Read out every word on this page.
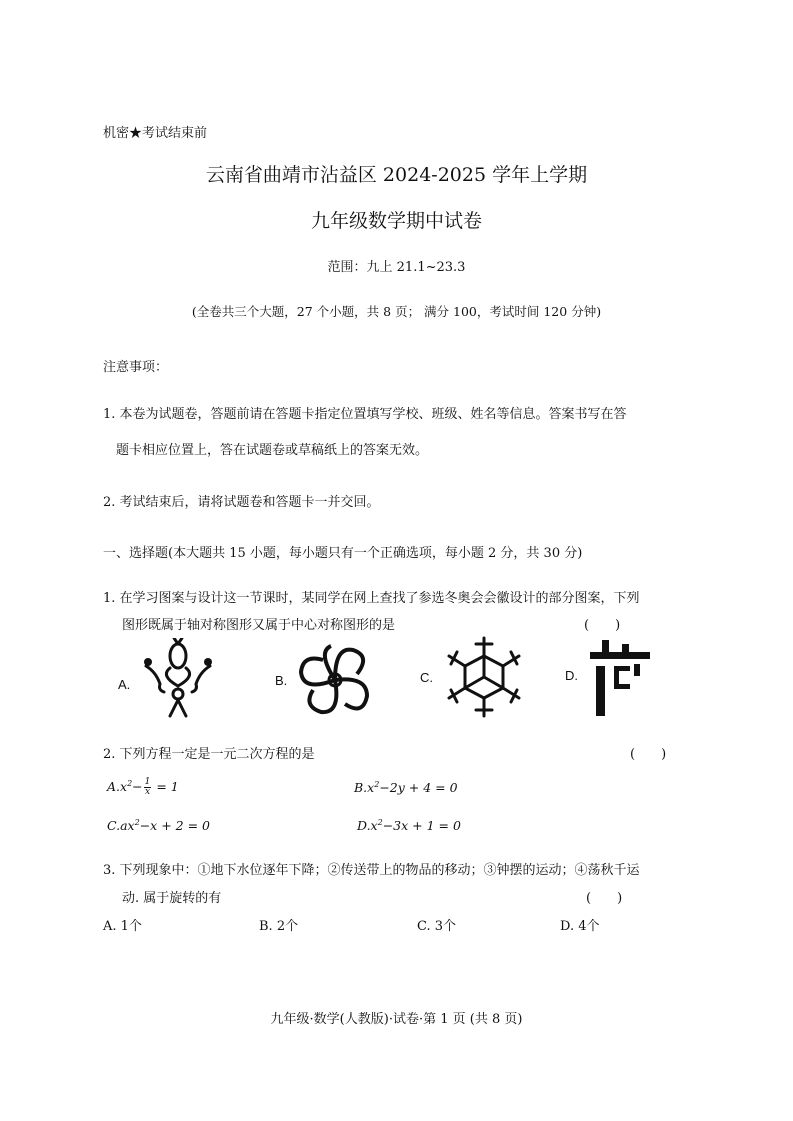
机密★考试结束前
云南省曲靖市沾益区 2024-2025 学年上学期
九年级数学期中试卷
范围：九上 21.1~23.3
(全卷共三个大题，27 个小题，共 8 页； 满分 100，考试时间 120 分钟)
注意事项：
1. 本卷为试题卷，答题前请在答题卡指定位置填写学校、班级、姓名等信息。答案书写在答
题卡相应位置上，答在试题卷或草稿纸上的答案无效。
2. 考试结束后，请将试题卷和答题卡一并交回。
一、选择题(本大题共 15 小题，每小题只有一个正确选项，每小题 2 分，共 30 分)
1. 在学习图案与设计这一节课时，某同学在网上查找了参选冬奥会会徽设计的部分图案，下列
图形既属于轴对称图形又属于中心对称图形的是	(　　)
A.	B.	C.	D.
2. 下列方程一定是一元二次方程的是	(　　)
$A.x^2- \frac{1}{x} = 1$	$B.x^2-2y + 4 = 0$
$C.ax^2-x + 2 = 0$	$D.x^2-3x + 1 = 0$
3. 下列现象中：①地下水位逐年下降；②传送带上的物品的移动；③钟摆的运动；④荡秋千运
动. 属于旋转的有	(　　)
A. 1个	B. 2个	C. 3个	D. 4个
九年级·数学(人教版)·试卷·第 1 页 (共 8 页)
